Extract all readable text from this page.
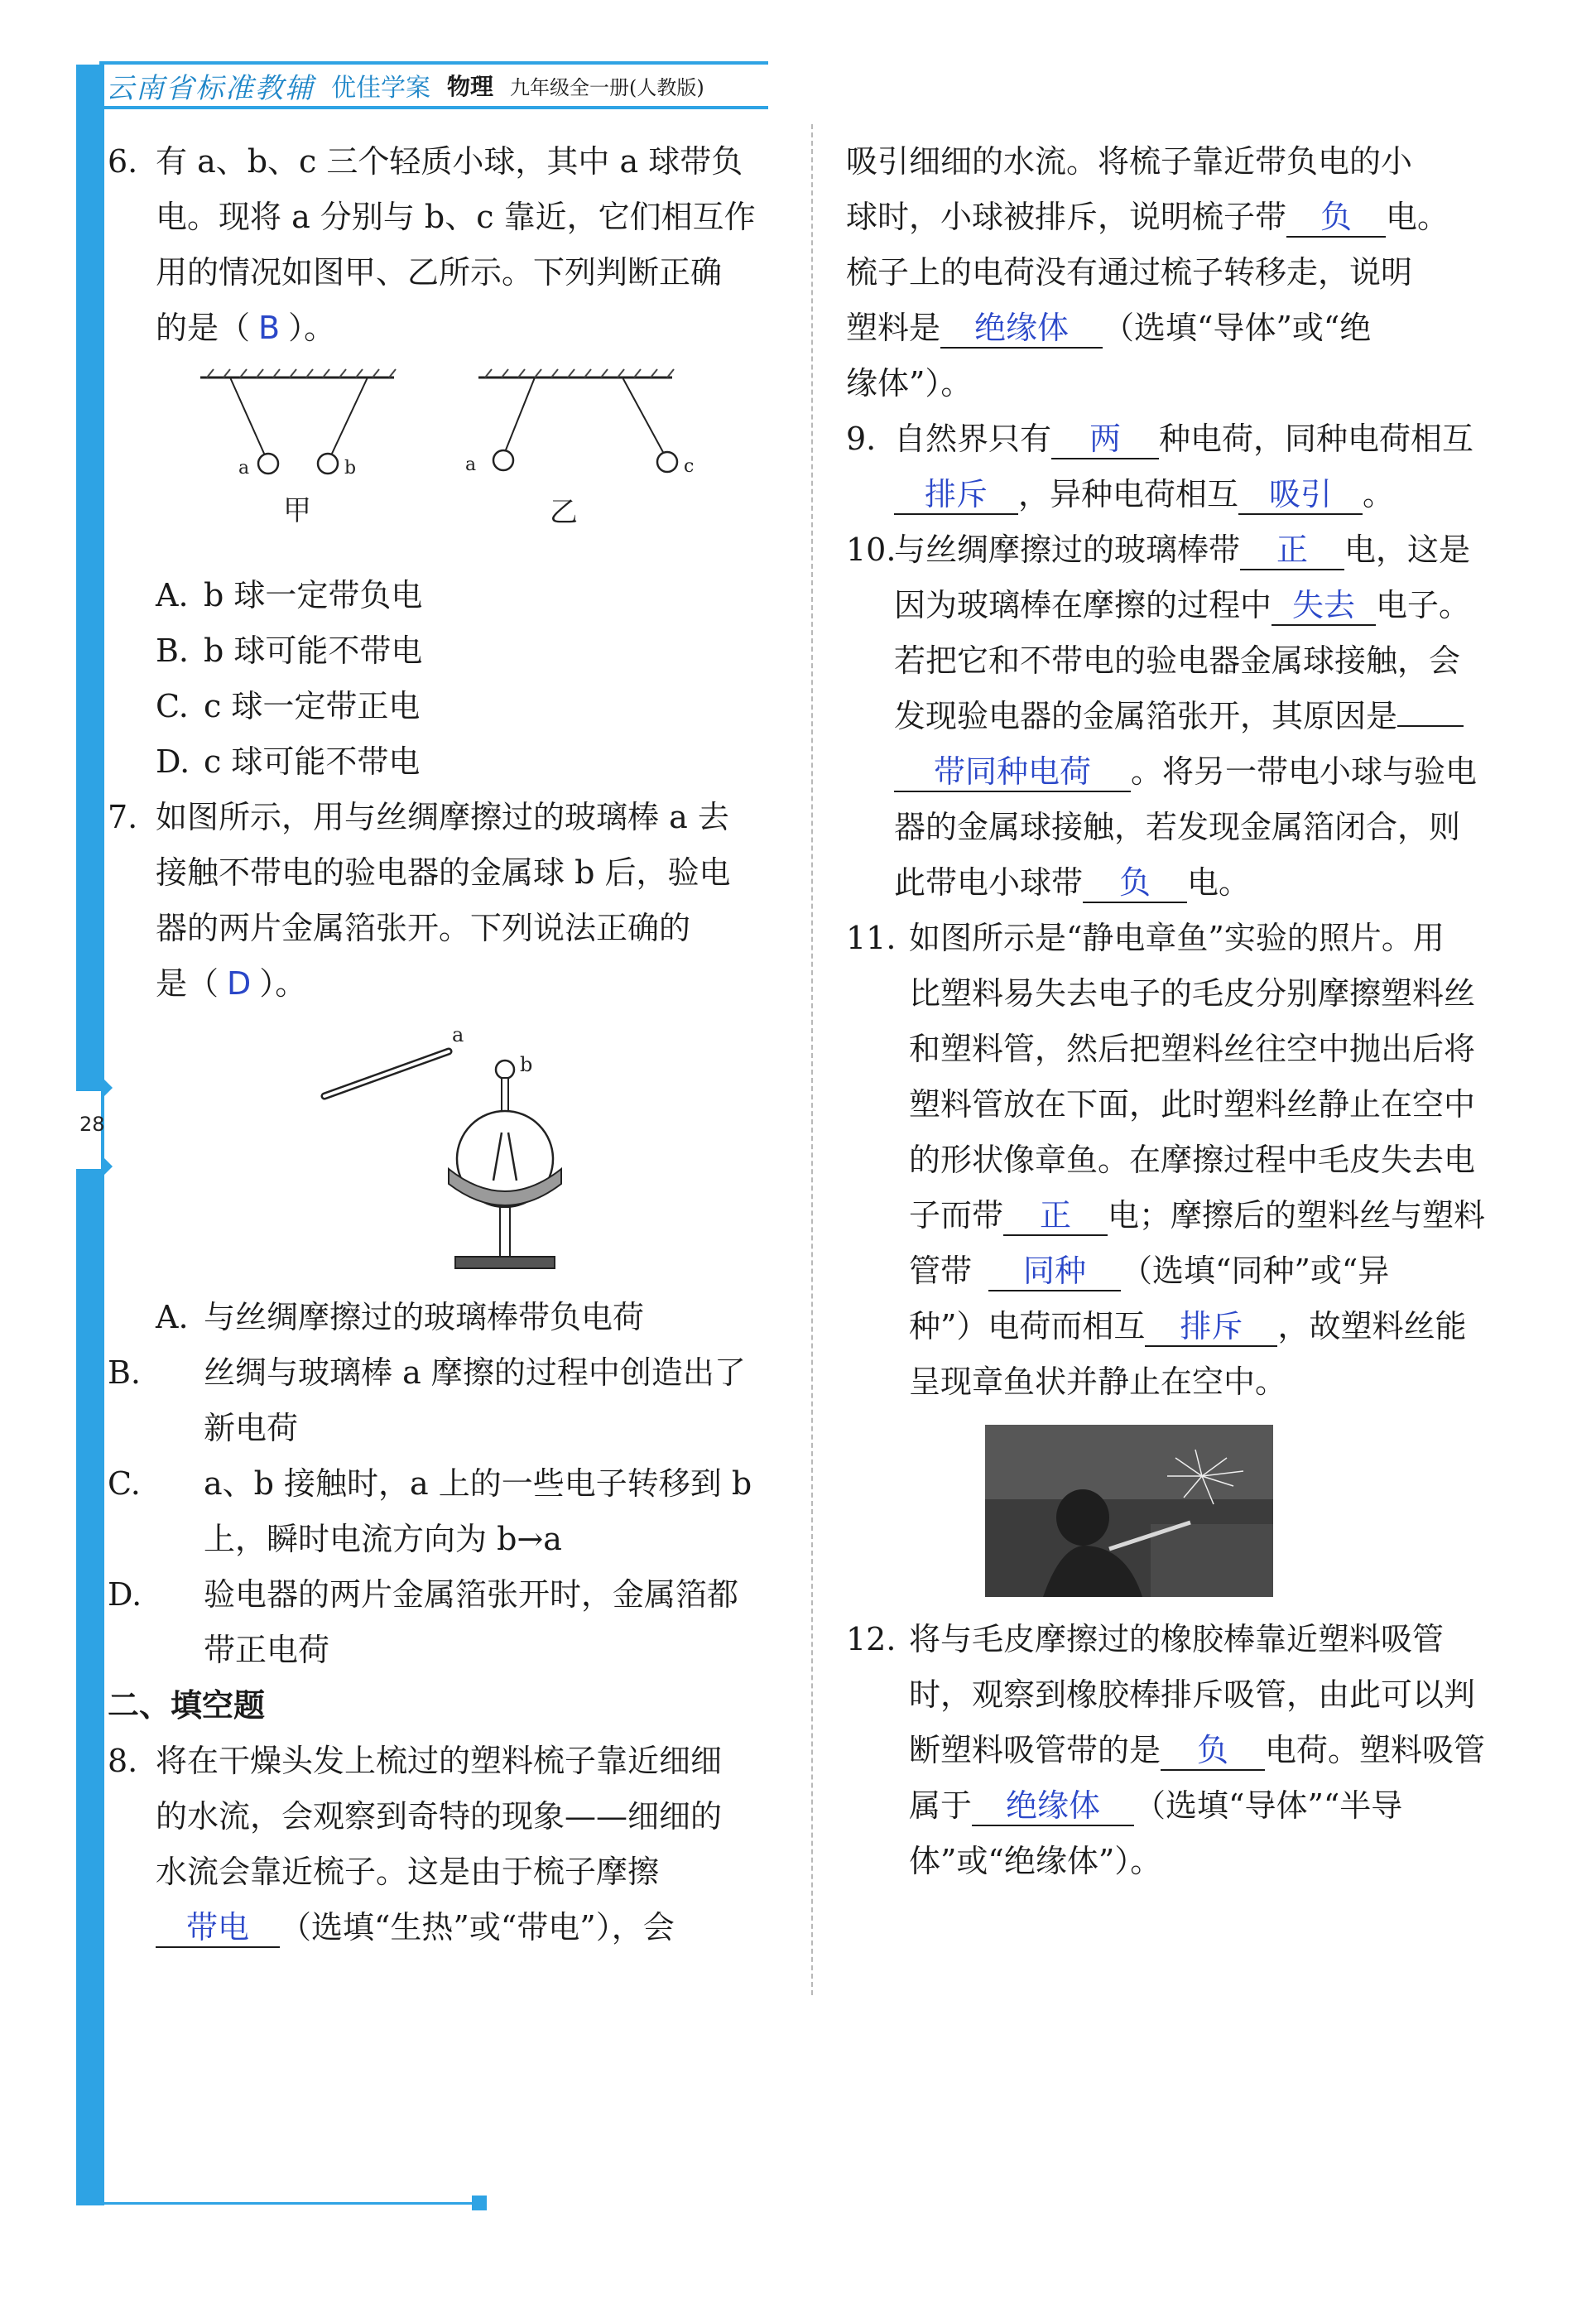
28
云南省标准教辅 优佳学案 物理 九年级全一册(人教版)
6. 有 a、b、c 三个轻质小球，其中 a 球带负
电。现将 a 分别与 b、c 靠近，它们相互作
用的情况如图甲、乙所示。下列判断正确
的是（ B ）。
a	b
甲
a	c
乙
A. b 球一定带负电
B. b 球可能不带电
C. c 球一定带正电
D. c 球可能不带电
7. 如图所示，用与丝绸摩擦过的玻璃棒 a 去
接触不带电的验电器的金属球 b 后，验电
器的两片金属箔张开。下列说法正确的
是（ D ）。
a
b
A. 与丝绸摩擦过的玻璃棒带负电荷
B. 丝绸与玻璃棒 a 摩擦的过程中创造出了
新电荷
C. a、b 接触时，a 上的一些电子转移到 b
上，瞬时电流方向为 b→a
D. 验电器的两片金属箔张开时，金属箔都
带正电荷
二、填空题
8. 将在干燥头发上梳过的塑料梳子靠近细细
的水流，会观察到奇特的现象——细细的
水流会靠近梳子。这是由于梳子摩擦
带电 （选填“生热”或“带电”），会
吸引细细的水流。将梳子靠近带负电的小
球时，小球被排斥，说明梳子带 负 电。
梳子上的电荷没有通过梳子转移走，说明
塑料是 绝缘体 （选填“导体”或“绝
缘体”）。
9. 自然界只有 两 种电荷，同种电荷相互
排斥 ，异种电荷相互 吸引 。
10.
与丝绸摩擦过的玻璃棒带 正 电，这是
因为玻璃棒在摩擦的过程中 失去 电子。
若把它和不带电的验电器金属球接触，会
发现验电器的金属箔张开，其原因是
带同种电荷 。将另一带电小球与验电
器的金属球接触，若发现金属箔闭合，则
此带电小球带 负 电。
11. 如图所示是“静电章鱼”实验的照片。用
比塑料易失去电子的毛皮分别摩擦塑料丝
和塑料管，然后把塑料丝往空中抛出后将
塑料管放在下面，此时塑料丝静止在空中
的形状像章鱼。在摩擦过程中毛皮失去电
子而带 正 电；摩擦后的塑料丝与塑料
管带 同种 （选填“同种”或“异
种”）电荷而相互 排斥 ，故塑料丝能
呈现章鱼状并静止在空中。
12. 将与毛皮摩擦过的橡胶棒靠近塑料吸管
时，观察到橡胶棒排斥吸管，由此可以判
断塑料吸管带的是 负 电荷。塑料吸管
属于 绝缘体 （选填“导体”“半导
体”或“绝缘体”）。
